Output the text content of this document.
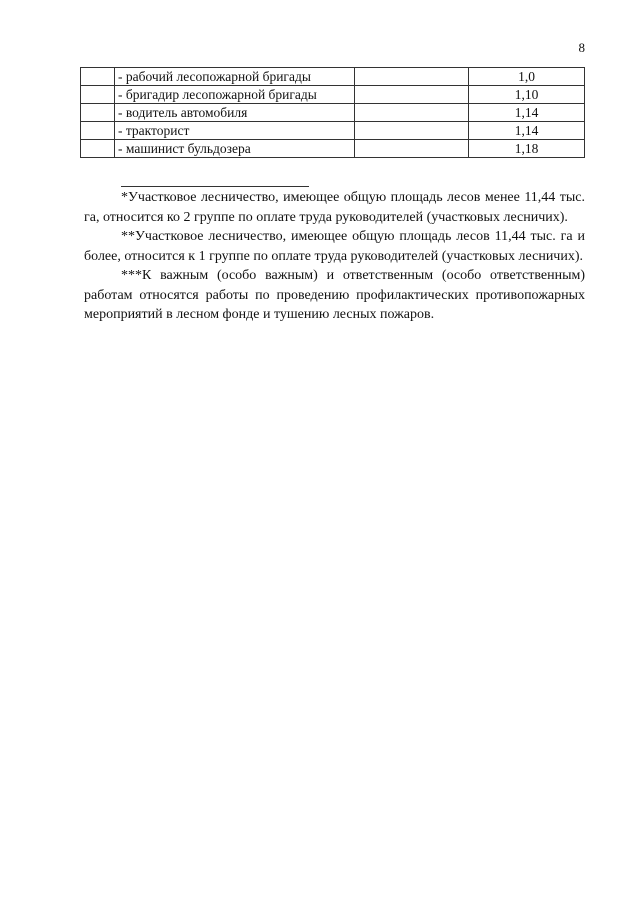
8
	- рабочий лесопожарной бригады		1,0
	- бригадир лесопожарной бригады		1,10
	- водитель автомобиля		1,14
	- тракторист		1,14
	- машинист бульдозера		1,18

*Участковое лесничество, имеющее общую площадь лесов менее 11,44 тыс. га, относится ко 2 группе по оплате труда руководителей (участковых лесничих).

**Участковое лесничество, имеющее общую площадь лесов 11,44 тыс. га и более, относится к 1 группе по оплате труда руководителей (участковых лесничих).

***К важным (особо важным) и ответственным (особо ответственным) работам относятся работы по проведению профилактических противопожарных мероприятий в лесном фонде и тушению лесных пожаров.
